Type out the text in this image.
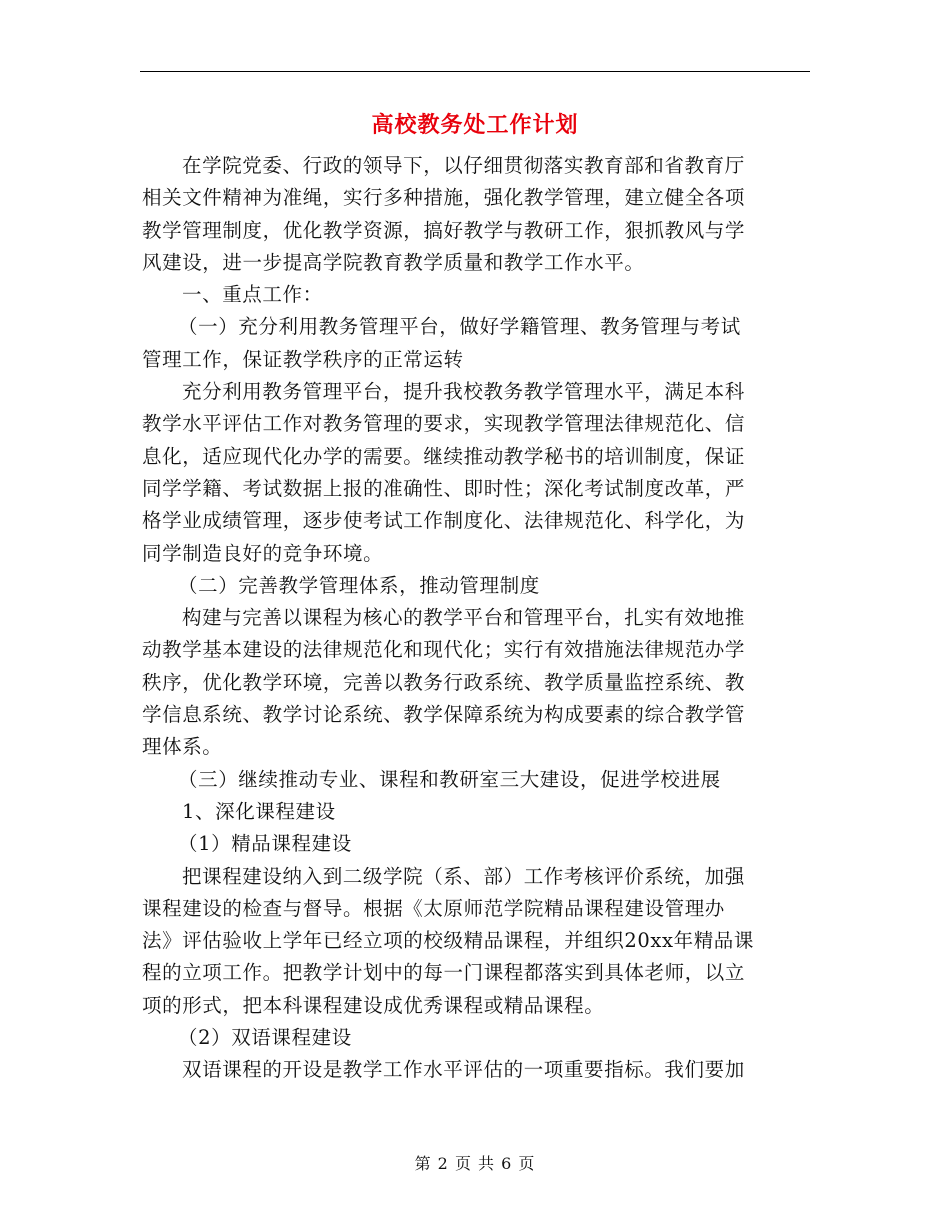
高校教务处工作计划
在学院党委、行政的领导下，以仔细贯彻落实教育部和省教育厅
相关文件精神为准绳，实行多种措施，强化教学管理，建立健全各项
教学管理制度，优化教学资源，搞好教学与教研工作，狠抓教风与学
风建设，进一步提高学院教育教学质量和教学工作水平。
一、重点工作：
（一）充分利用教务管理平台，做好学籍管理、教务管理与考试
管理工作，保证教学秩序的正常运转
充分利用教务管理平台，提升我校教务教学管理水平，满足本科
教学水平评估工作对教务管理的要求，实现教学管理法律规范化、信
息化，适应现代化办学的需要。继续推动教学秘书的培训制度，保证
同学学籍、考试数据上报的准确性、即时性；深化考试制度改革，严
格学业成绩管理，逐步使考试工作制度化、法律规范化、科学化，为
同学制造良好的竞争环境。
（二）完善教学管理体系，推动管理制度
构建与完善以课程为核心的教学平台和管理平台，扎实有效地推
动教学基本建设的法律规范化和现代化；实行有效措施法律规范办学
秩序，优化教学环境，完善以教务行政系统、教学质量监控系统、教
学信息系统、教学讨论系统、教学保障系统为构成要素的综合教学管
理体系。
（三）继续推动专业、课程和教研室三大建设，促进学校进展
1、深化课程建设
（1）精品课程建设
把课程建设纳入到二级学院（系、部）工作考核评价系统，加强
课程建设的检查与督导。根据《太原师范学院精品课程建设管理办
法》评估验收上学年已经立项的校级精品课程，并组织20xx年精品课
程的立项工作。把教学计划中的每一门课程都落实到具体老师，以立
项的形式，把本科课程建设成优秀课程或精品课程。
（2）双语课程建设
双语课程的开设是教学工作水平评估的一项重要指标。我们要加
第 2 页 共 6 页
